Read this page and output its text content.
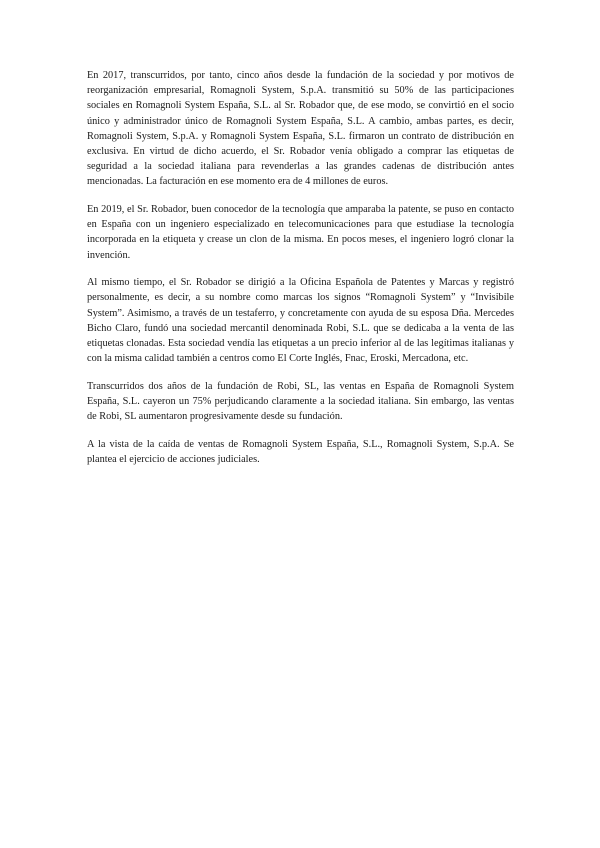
En 2017, transcurridos, por tanto, cinco años desde la fundación de la sociedad y por motivos de reorganización empresarial, Romagnoli System, S.p.A. transmitió su 50% de las participaciones sociales en Romagnoli System España, S.L. al Sr. Robador que, de ese modo, se convirtió en el socio único y administrador único de Romagnoli System España, S.L. A cambio, ambas partes, es decir, Romagnoli System, S.p.A. y Romagnoli System España, S.L. firmaron un contrato de distribución en exclusiva. En virtud de dicho acuerdo, el Sr. Robador venía obligado a comprar las etiquetas de seguridad a la sociedad italiana para revenderlas a las grandes cadenas de distribución antes mencionadas. La facturación en ese momento era de 4 millones de euros.

En 2019, el Sr. Robador, buen conocedor de la tecnología que amparaba la patente, se puso en contacto en España con un ingeniero especializado en telecomunicaciones para que estudiase la tecnología incorporada en la etiqueta y crease un clon de la misma. En pocos meses, el ingeniero logró clonar la invención.

Al mismo tiempo, el Sr. Robador se dirigió a la Oficina Española de Patentes y Marcas y registró personalmente, es decir, a su nombre como marcas los signos “Romagnoli System” y “Invisibile System”. Asimismo, a través de un testaferro, y concretamente con ayuda de su esposa Dña. Mercedes Bicho Claro, fundó una sociedad mercantil denominada Robi, S.L. que se dedicaba a la venta de las etiquetas clonadas. Esta sociedad vendía las etiquetas a un precio inferior al de las legítimas italianas y con la misma calidad también a centros como El Corte Inglés, Fnac, Eroski, Mercadona, etc.

Transcurridos dos años de la fundación de Robi, SL, las ventas en España de Romagnoli System España, S.L. cayeron un 75% perjudicando claramente a la sociedad italiana. Sin embargo, las ventas de Robi, SL aumentaron progresivamente desde su fundación.

A la vista de la caída de ventas de Romagnoli System España, S.L., Romagnoli System, S.p.A. Se plantea el ejercicio de acciones judiciales.
